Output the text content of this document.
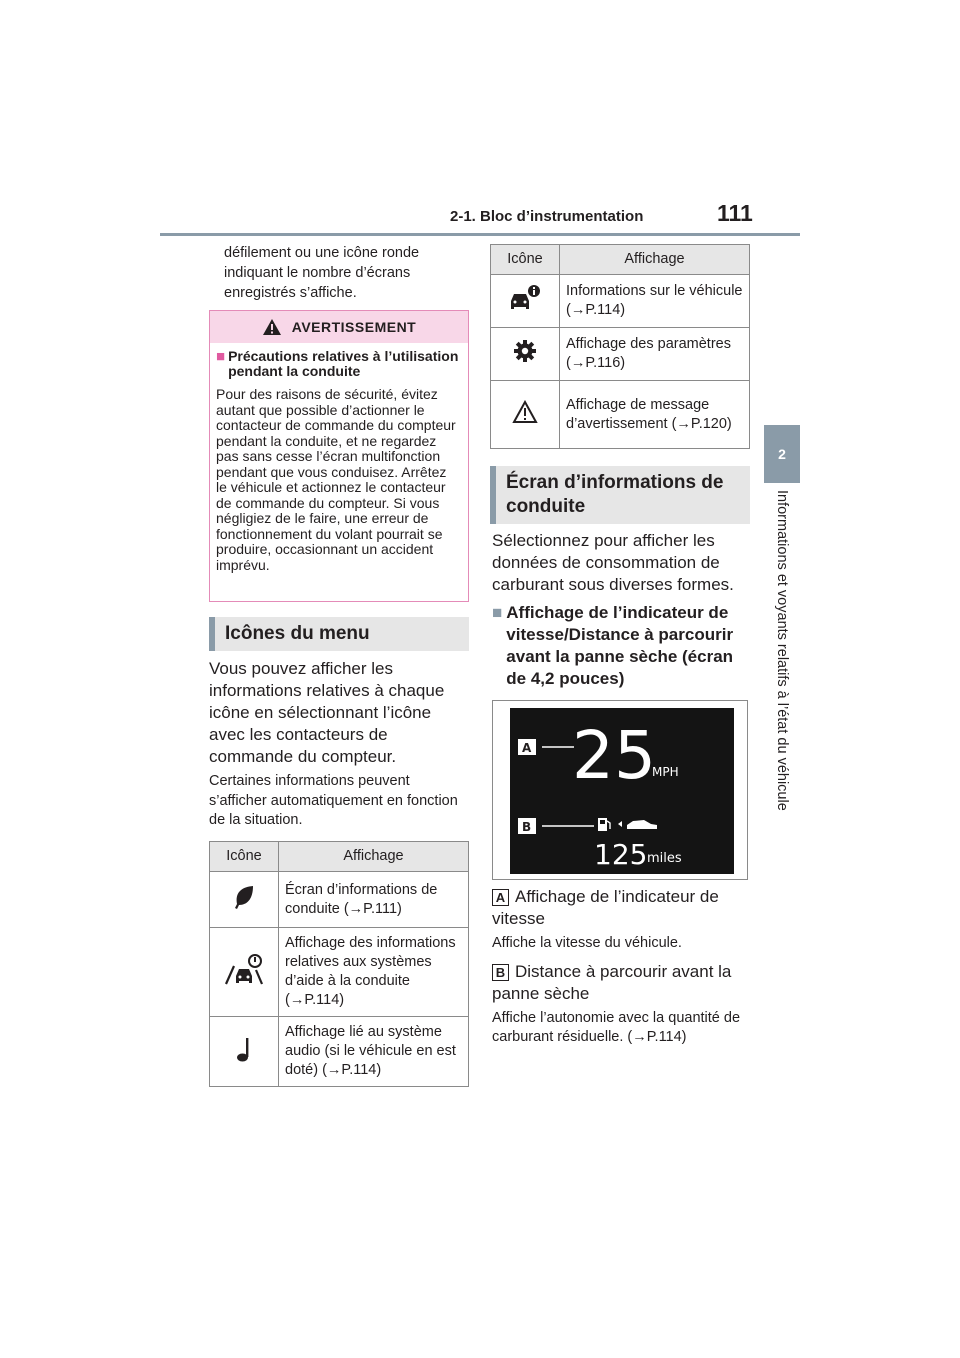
2-1. Bloc d’instrumentation	111
2
Informations et voyants relatifs à l’état du véhicule
défilement ou une icône ronde indiquant le nombre d’écrans enregistrés s’affiche.
AVERTISSEMENT
■ Précautions relatives à l’utilisation pendant la conduite
Pour des raisons de sécurité, évitez autant que possible d’actionner le contacteur de commande du compteur pendant la conduite, et ne regardez pas sans cesse l’écran multifonction pendant que vous conduisez. Arrêtez le véhicule et actionnez le contacteur de commande du compteur. Si vous négligiez de le faire, une erreur de fonctionnement du volant pourrait se produire, occasionnant un accident imprévu.
Icônes du menu
Vous pouvez afficher les informations relatives à chaque icône en sélectionnant l’icône avec les contacteurs de commande du compteur.
Certaines informations peuvent s’afficher automatiquement en fonction de la situation.
Icône	Affichage
	Écran d’informations de conduite (→P.111)
	Affichage des informations relatives aux systèmes d’aide à la conduite (→P.114)
	Affichage lié au système audio (si le véhicule en est doté) (→P.114)
Icône	Affichage
	Informations sur le véhicule (→P.114)
	Affichage des paramètres (→P.116)
	Affichage de message d’avertissement (→P.120)
Écran d’informations de conduite
Sélectionnez pour afficher les données de consommation de carburant sous diverses formes.
■ Affichage de l’indicateur de vitesse/Distance à parcourir avant la panne sèche (écran de 4,2 pouces)
25
MPH
A
B
125 miles
A Affichage de l’indicateur de vitesse
Affiche la vitesse du véhicule.
B Distance à parcourir avant la panne sèche
Affiche l’autonomie avec la quantité de carburant résiduelle. (→P.114)
